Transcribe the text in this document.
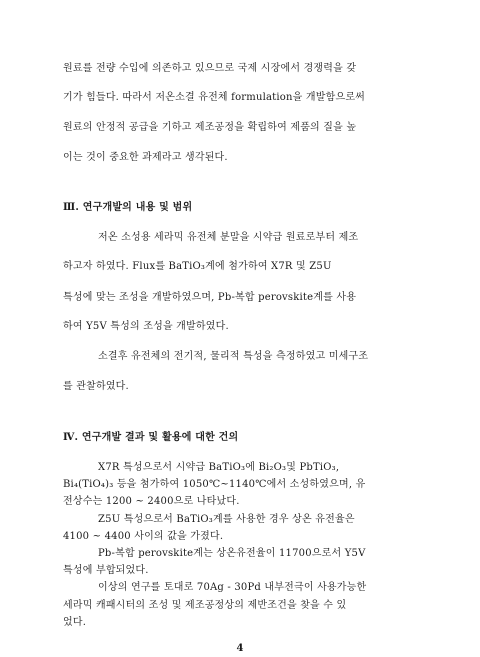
원료를 전량 수입에 의존하고 있으므로 국제 시장에서 경쟁력을 갖
기가 힘들다. 따라서 저온소결 유전체 formulation을 개발함으로써
원료의 안정적 공급을 기하고 제조공정을 확립하여 제품의 질을 높
이는 것이 중요한 과제라고 생각된다.
Ⅲ. 연구개발의 내용 및 범위
저온 소성용 세라믹 유전체 분말을 시약급 원료로부터 제조
하고자 하였다. Flux를 BaTiO₃계에 첨가하여 X7R 및 Z5U
특성에 맞는 조성을 개발하였으며, Pb-복합 perovskite계를 사용
하여 Y5V 특성의 조성을 개발하였다.
소결후 유전체의 전기적, 물리적 특성을 측정하였고 미세구조
를 관찰하였다.
Ⅳ. 연구개발 결과 및 활용에 대한 건의
4
X7R 특성으로서 시약급 BaTiO₃에 Bi₂O₃및 PbTiO₃,
Bi₄(TiO₄)₃ 등을 첨가하여 1050℃~1140℃에서 소성하였으며, 유
전상수는 1200 ~ 2400으로 나타났다.
Z5U 특성으로서 BaTiO₃계를 사용한 경우 상온 유전율은
4100 ~ 4400 사이의 값을 가졌다.
Pb-복합 perovskite계는 상온유전율이 11700으로서 Y5V
특성에 부합되었다.
이상의 연구를 토대로 70Ag - 30Pd 내부전극이 사용가능한
세라믹 캐패시터의 조성 및 제조공정상의 제반조건을 찾을 수 있
었다.
